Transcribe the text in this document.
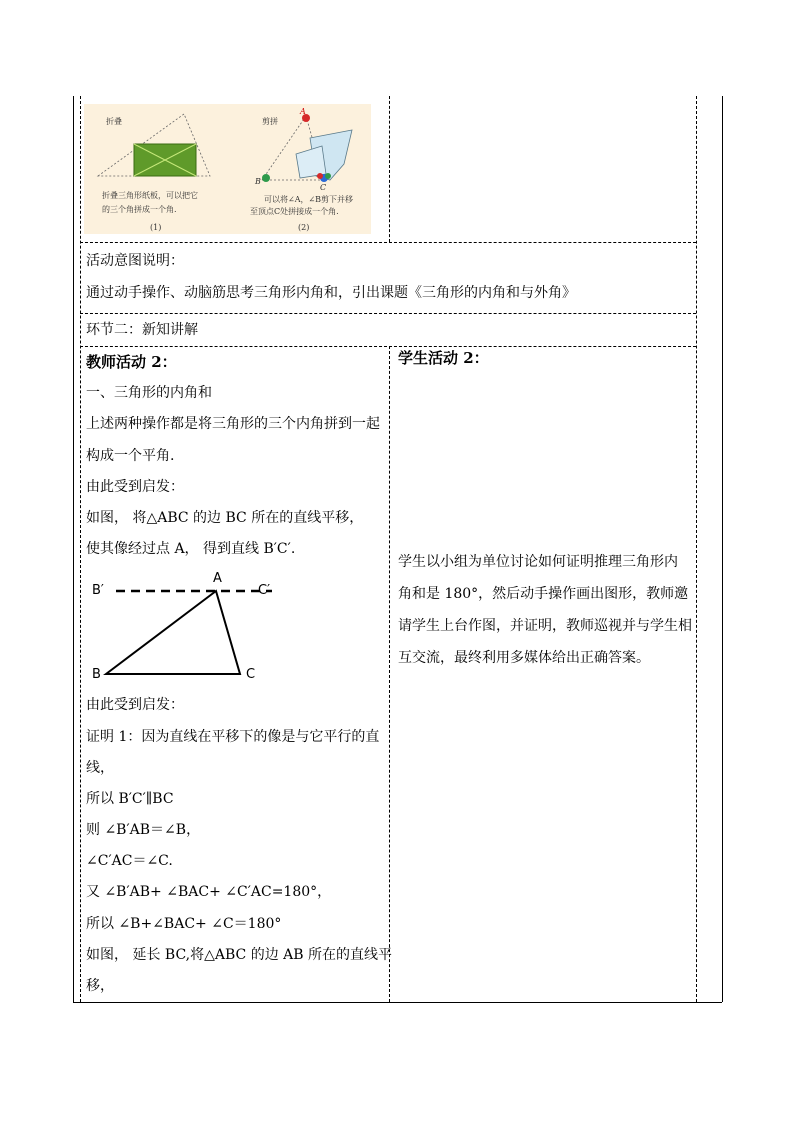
折叠	剪拼
A
B
C
折叠三角形纸板，可以把它
的三个角拼成一个角.
(1)
可以将∠A，∠B剪下并移
至顶点C处拼接成一个角.
(2)
活动意图说明：
通过动手操作、动脑筋思考三角形内角和，引出课题《三角形的内角和与外角》
环节二：新知讲解
教师活动 2：
一、三角形的内角和
上述两种操作都是将三角形的三个内角拼到一起
构成一个平角.
由此受到启发：
如图， 将△ABC 的边 BC 所在的直线平移，
使其像经过点 A， 得到直线 B′C′.
A
B′	C′
B	C
由此受到启发：
证明 1：因为直线在平移下的像是与它平行的直
线，
所以 B′C′∥BC
则 ∠B′AB＝∠B，
∠C′AC＝∠C.
又 ∠B′AB+ ∠BAC+ ∠C′AC=180°，
所以 ∠B+∠BAC+ ∠C＝180°
如图， 延长 BC,将△ABC 的边 AB 所在的直线平
移，
学生活动 2：
学生以小组为单位讨论如何证明推理三角形内
角和是 180°，然后动手操作画出图形，教师邀
请学生上台作图，并证明，教师巡视并与学生相
互交流，最终利用多媒体给出正确答案。
